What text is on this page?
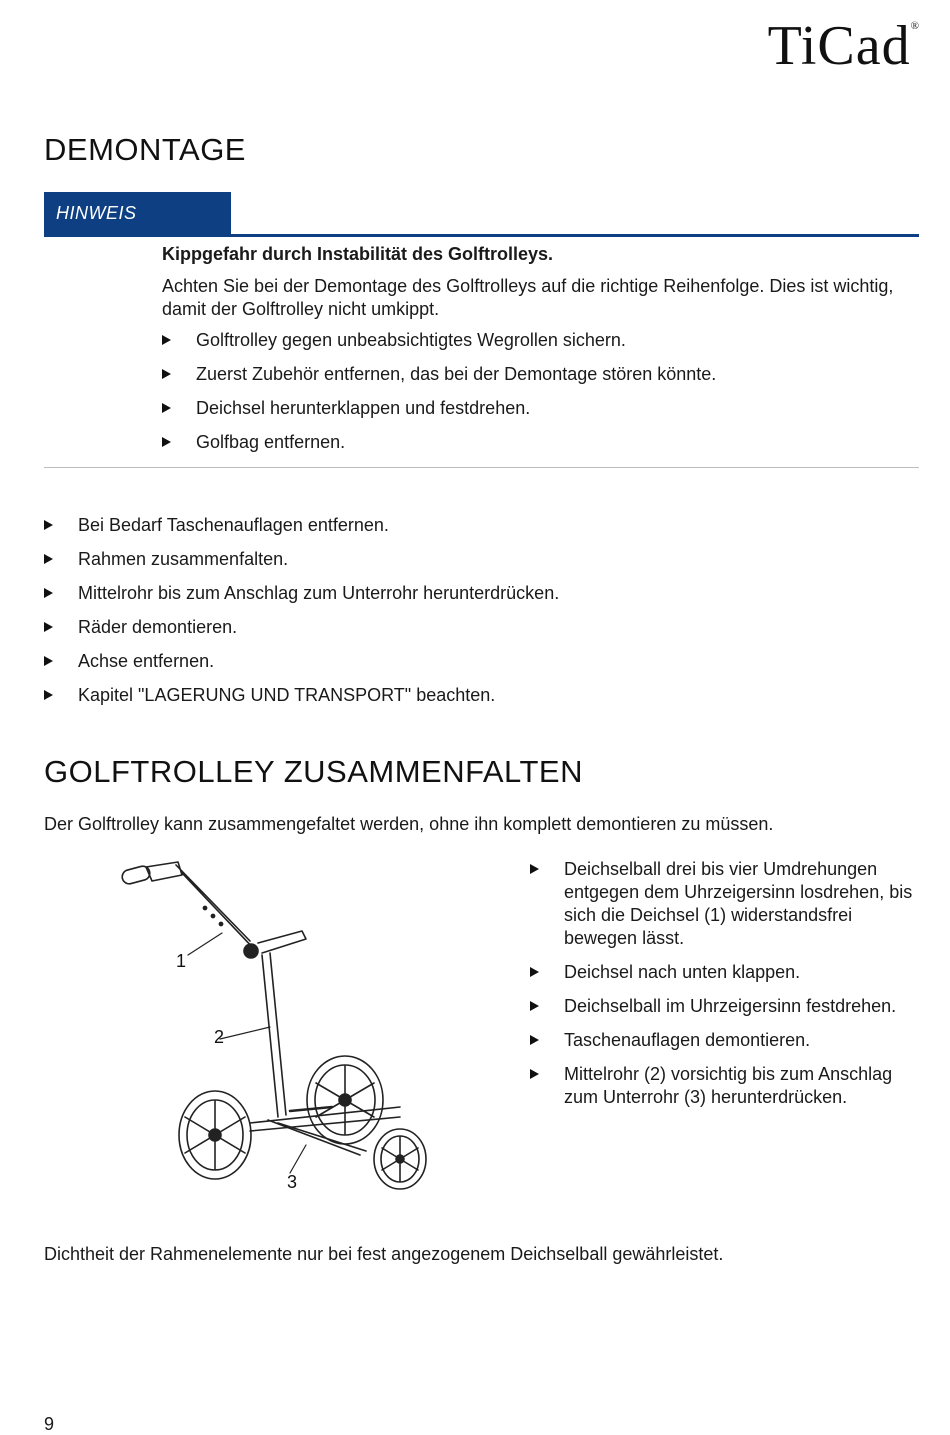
TiCad®
DEMONTAGE
HINWEIS
Kippgefahr durch Instabilität des Golftrolleys.
Achten Sie bei der Demontage des Golftrolleys auf die richtige Reihenfolge. Dies ist wichtig, damit der Golftrolley nicht umkippt.
Golftrolley gegen unbeabsichtigtes Wegrollen sichern.
Zuerst Zubehör entfernen, das bei der Demontage stören könnte.
Deichsel herunterklappen und festdrehen.
Golfbag entfernen.
Bei Bedarf Taschenauflagen entfernen.
Rahmen zusammenfalten.
Mittelrohr bis zum Anschlag zum Unterrohr herunterdrücken.
Räder demontieren.
Achse entfernen.
Kapitel "LAGERUNG UND TRANSPORT" beachten.
GOLFTROLLEY ZUSAMMENFALTEN
Der Golftrolley kann zusammengefaltet werden, ohne ihn komplett demontieren zu müssen.
1
2
3
Deichselball drei bis vier Umdrehungen entgegen dem Uhrzeigersinn losdrehen, bis sich die Deichsel (1) widerstandsfrei bewegen lässt.
Deichsel nach unten klappen.
Deichselball im Uhrzeigersinn festdrehen.
Taschenauflagen demontieren.
Mittelrohr (2) vorsichtig bis zum Anschlag zum Unterrohr (3) herunterdrücken.
Dichtheit der Rahmenelemente nur bei fest angezogenem Deichselball gewährleistet.
9
